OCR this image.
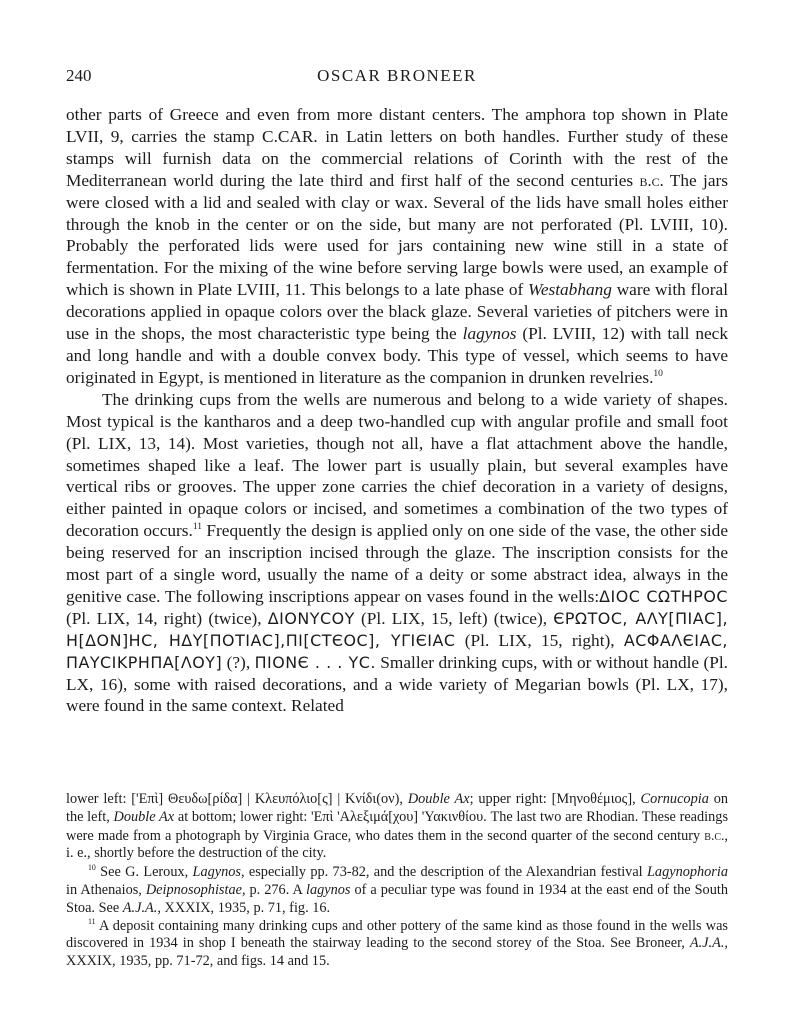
240	OSCAR BRONEER

other parts of Greece and even from more distant centers. The amphora top shown in Plate LVII, 9, carries the stamp C.CAR. in Latin letters on both handles. Further study of these stamps will furnish data on the commercial relations of Corinth with the rest of the Mediterranean world during the late third and first half of the second centuries b.c. The jars were closed with a lid and sealed with clay or wax. Several of the lids have small holes either through the knob in the center or on the side, but many are not perforated (Pl. LVIII, 10). Probably the perforated lids were used for jars containing new wine still in a state of fermentation. For the mixing of the wine before serving large bowls were used, an example of which is shown in Plate LVIII, 11. This belongs to a late phase of Westabhang ware with floral decorations applied in opaque colors over the black glaze. Several varieties of pitchers were in use in the shops, the most characteristic type being the lagynos (Pl. LVIII, 12) with tall neck and long handle and with a double convex body. This type of vessel, which seems to have originated in Egypt, is mentioned in literature as the companion in drunken revelries.$^{10}$

The drinking cups from the wells are numerous and belong to a wide variety of shapes. Most typical is the kantharos and a deep two-handled cup with angular profile and small foot (Pl. LIX, 13, 14). Most varieties, though not all, have a flat attachment above the handle, sometimes shaped like a leaf. The lower part is usually plain, but several examples have vertical ribs or grooves. The upper zone carries the chief decoration in a variety of designs, either painted in opaque colors or incised, and sometimes a combination of the two types of decoration occurs.$^{11}$ Frequently the design is applied only on one side of the vase, the other side being reserved for an inscription incised through the glaze. The inscription consists for the most part of a single word, usually the name of a deity or some abstract idea, always in the genitive case. The following inscriptions appear on vases found in the wells:ΔΙΟϹ ϹΩΤΗΡΟϹ (Pl. LIX, 14, right) (twice), ΔΙΟΝΥϹΟΥ (Pl. LIX, 15, left) (twice), ЄΡΩΤΟϹ, ΑΛΥ[ΠΙΑϹ], Η[ΔΟΝ]ΗϹ, ΗΔΥ[ΠΟΤΙΑϹ],ΠΙ[ϹΤЄΟϹ], ΥΓΙЄΙΑϹ (Pl. LIX, 15, right), ΑϹΦΑΛЄΙΑϹ, ΠΑΥϹΙΚΡΗΠΑ[ΛΟΥ] (?), ΠΙΟΝЄ . . . ΥϹ. Smaller drinking cups, with or without handle (Pl. LX, 16), some with raised decorations, and a wide variety of Megarian bowls (Pl. LX, 17), were found in the same context. Related

lower left: ['Επὶ] Θευδω[ρίδα] | Κλευπόλιο[ς] | Κνίδι(ον), Double Ax; upper right: [Μηνοθέμιος], Cornucopia on the left, Double Ax at bottom; lower right: 'Επὶ 'Αλεξιμά[χου] 'Υακινθίου. The last two are Rhodian. These readings were made from a photograph by Virginia Grace, who dates them in the second quarter of the second century b.c., i. e., shortly before the destruction of the city.

$^{10}$ See G. Leroux, Lagynos, especially pp. 73-82, and the description of the Alexandrian festival Lagynophoria in Athenaios, Deipnosophistae, p. 276. A lagynos of a peculiar type was found in 1934 at the east end of the South Stoa. See A.J.A., XXXIX, 1935, p. 71, fig. 16.

$^{11}$ A deposit containing many drinking cups and other pottery of the same kind as those found in the wells was discovered in 1934 in shop I beneath the stairway leading to the second storey of the Stoa. See Broneer, A.J.A., XXXIX, 1935, pp. 71-72, and figs. 14 and 15.
